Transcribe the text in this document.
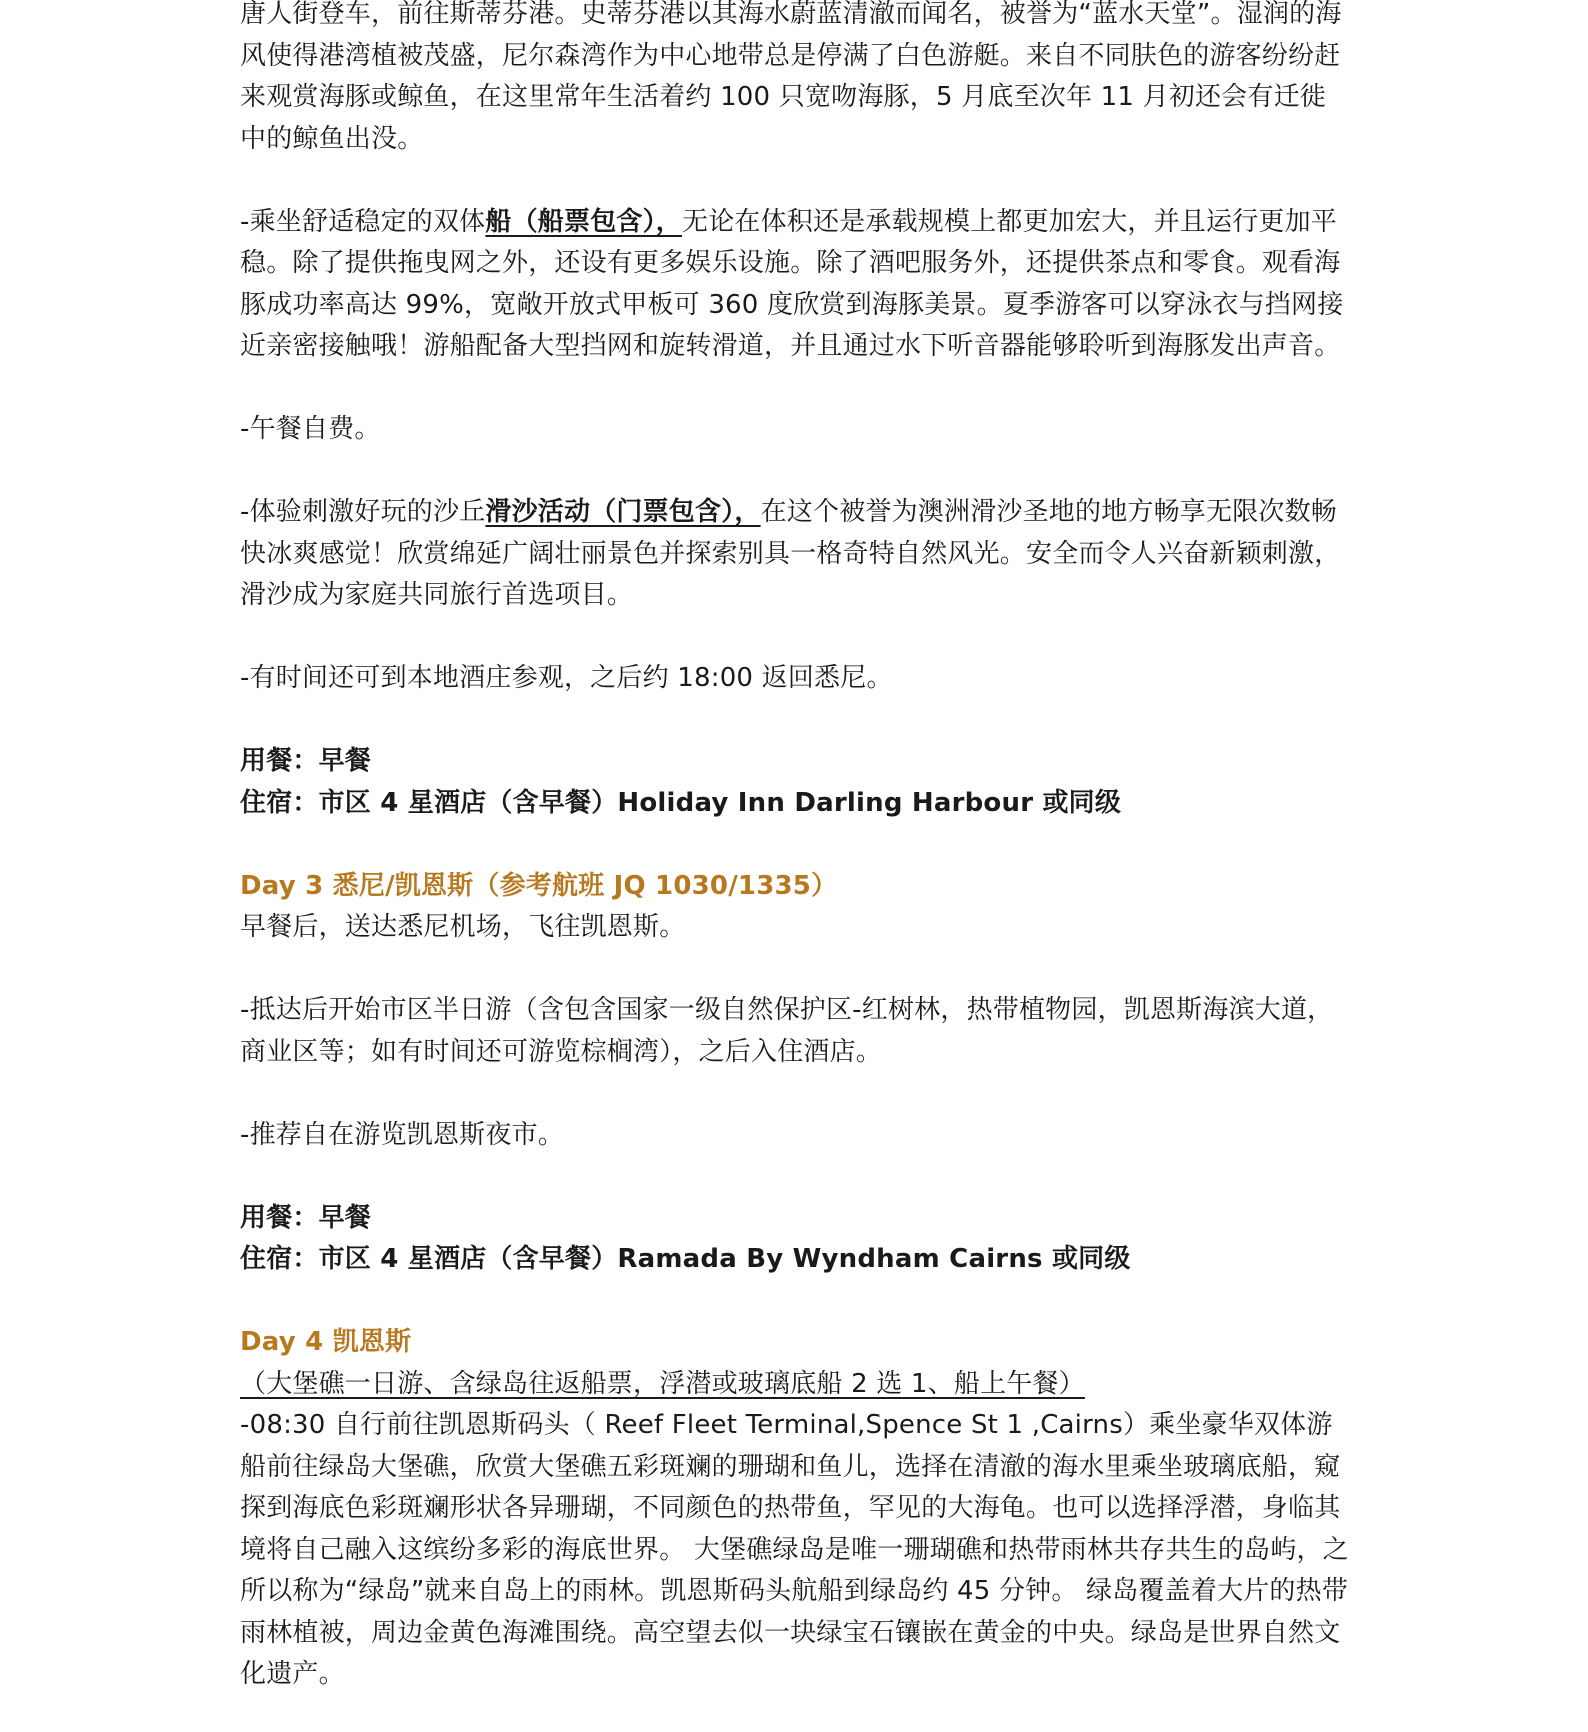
唐人街登车，前往斯蒂芬港。史蒂芬港以其海水蔚蓝清澈而闻名，被誉为“蓝水天堂”。湿润的海风使得港湾植被茂盛，尼尔森湾作为中心地带总是停满了白色游艇。来自不同肤色的游客纷纷赶来观赏海豚或鲸鱼，在这里常年生活着约 100 只宽吻海豚，5 月底至次年 11 月初还会有迁徙中的鲸鱼出没。

-乘坐舒适稳定的双体船（船票包含），无论在体积还是承载规模上都更加宏大，并且运行更加平稳。除了提供拖曳网之外，还设有更多娱乐设施。除了酒吧服务外，还提供茶点和零食。观看海豚成功率高达 99%，宽敞开放式甲板可 360 度欣赏到海豚美景。夏季游客可以穿泳衣与挡网接近亲密接触哦！游船配备大型挡网和旋转滑道，并且通过水下听音器能够聆听到海豚发出声音。

-午餐自费。

-体验刺激好玩的沙丘滑沙活动（门票包含），在这个被誉为澳洲滑沙圣地的地方畅享无限次数畅快冰爽感觉！欣赏绵延广阔壮丽景色并探索别具一格奇特自然风光。安全而令人兴奋新颖刺激，滑沙成为家庭共同旅行首选项目。

-有时间还可到本地酒庄参观，之后约 18:00 返回悉尼。

用餐：早餐

住宿：市区 4 星酒店（含早餐）Holiday Inn Darling Harbour 或同级

Day 3 悉尼/凯恩斯（参考航班 JQ 1030/1335）

早餐后，送达悉尼机场，飞往凯恩斯。

-抵达后开始市区半日游（含包含国家一级自然保护区-红树林，热带植物园，凯恩斯海滨大道，商业区等；如有时间还可游览棕榈湾），之后入住酒店。

-推荐自在游览凯恩斯夜市。

用餐：早餐

住宿：市区 4 星酒店（含早餐）Ramada By Wyndham Cairns 或同级

Day 4 凯恩斯

（大堡礁一日游、含绿岛往返船票，浮潜或玻璃底船 2 选 1、船上午餐）

-08:30 自行前往凯恩斯码头（ Reef Fleet Terminal,Spence St 1 ,Cairns）乘坐豪华双体游船前往绿岛大堡礁，欣赏大堡礁五彩斑斓的珊瑚和鱼儿，选择在清澈的海水里乘坐玻璃底船，窥探到海底色彩斑斓形状各异珊瑚，不同颜色的热带鱼，罕见的大海龟。也可以选择浮潜，身临其境将自己融入这缤纷多彩的海底世界。 大堡礁绿岛是唯一珊瑚礁和热带雨林共存共生的岛屿，之所以称为“绿岛”就来自岛上的雨林。凯恩斯码头航船到绿岛约 45 分钟。 绿岛覆盖着大片的热带雨林植被，周边金黄色海滩围绕。高空望去似一块绿宝石镶嵌在黄金的中央。绿岛是世界自然文化遗产。
